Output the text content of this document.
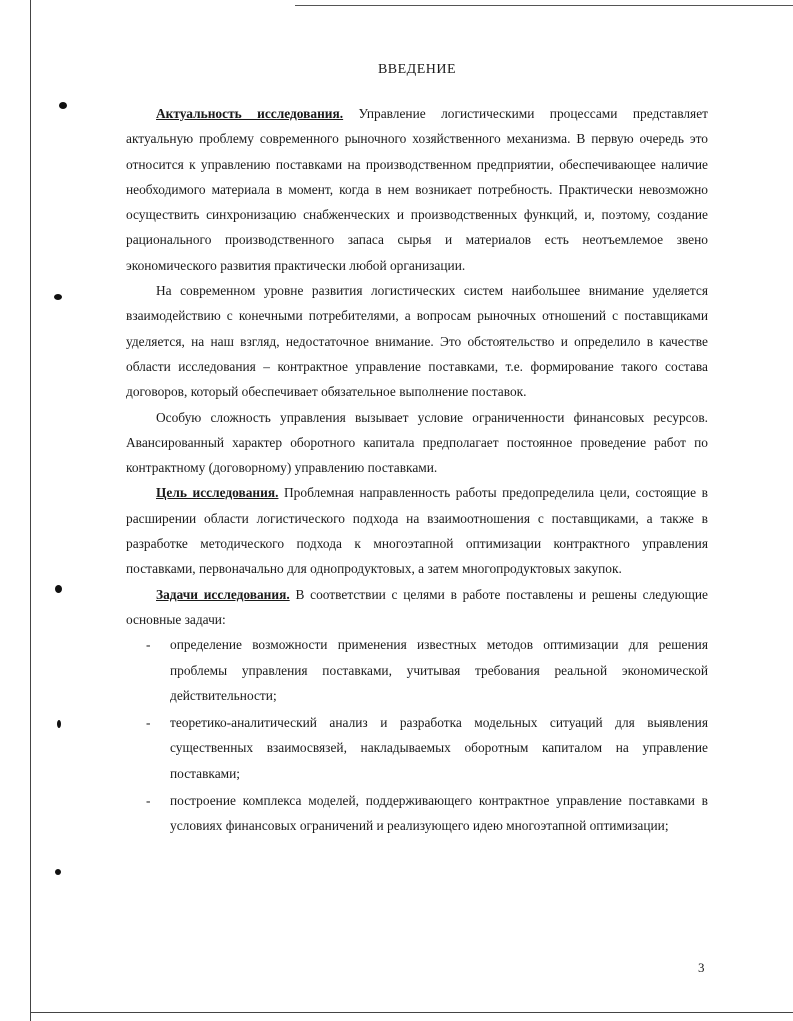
ВВЕДЕНИЕ

Актуальность исследования. Управление логистическими процессами представляет актуальную проблему современного рыночного хозяйственного механизма. В первую очередь это относится к управлению поставками на производственном предприятии, обеспечивающее наличие необходимого материала в момент, когда в нем возникает потребность. Практически невозможно осуществить синхронизацию снабженческих и производственных функций, и, поэтому, создание рационального производственного запаса сырья и материалов есть неотъемлемое звено экономического развития практически любой организации.

На современном уровне развития логистических систем наибольшее внимание уделяется взаимодействию с конечными потребителями, а вопросам рыночных отношений с поставщиками уделяется, на наш взгляд, недостаточное внимание. Это обстоятельство и определило в качестве области исследования – контрактное управление поставками, т.е. формирование такого состава договоров, который обеспечивает обязательное выполнение поставок.

Особую сложность управления вызывает условие ограниченности финансовых ресурсов. Авансированный характер оборотного капитала предполагает постоянное проведение работ по контрактному (договорному) управлению поставками.

Цель исследования. Проблемная направленность работы предопределила цели, состоящие в расширении области логистического подхода на взаимоотношения с поставщиками, а также в разработке методического подхода к многоэтапной оптимизации контрактного управления поставками, первоначально для однопродуктовых, а затем многопродуктовых закупок.

Задачи исследования. В соответствии с целями в работе поставлены и решены следующие основные задачи:

- определение возможности применения известных методов оптимизации для решения проблемы управления поставками, учитывая требования реальной экономической действительности;
- теоретико-аналитический анализ и разработка модельных ситуаций для выявления существенных взаимосвязей, накладываемых оборотным капиталом на управление поставками;
- построение комплекса моделей, поддерживающего контрактное управление поставками в условиях финансовых ограничений и реализующего идею многоэтапной оптимизации;
3
